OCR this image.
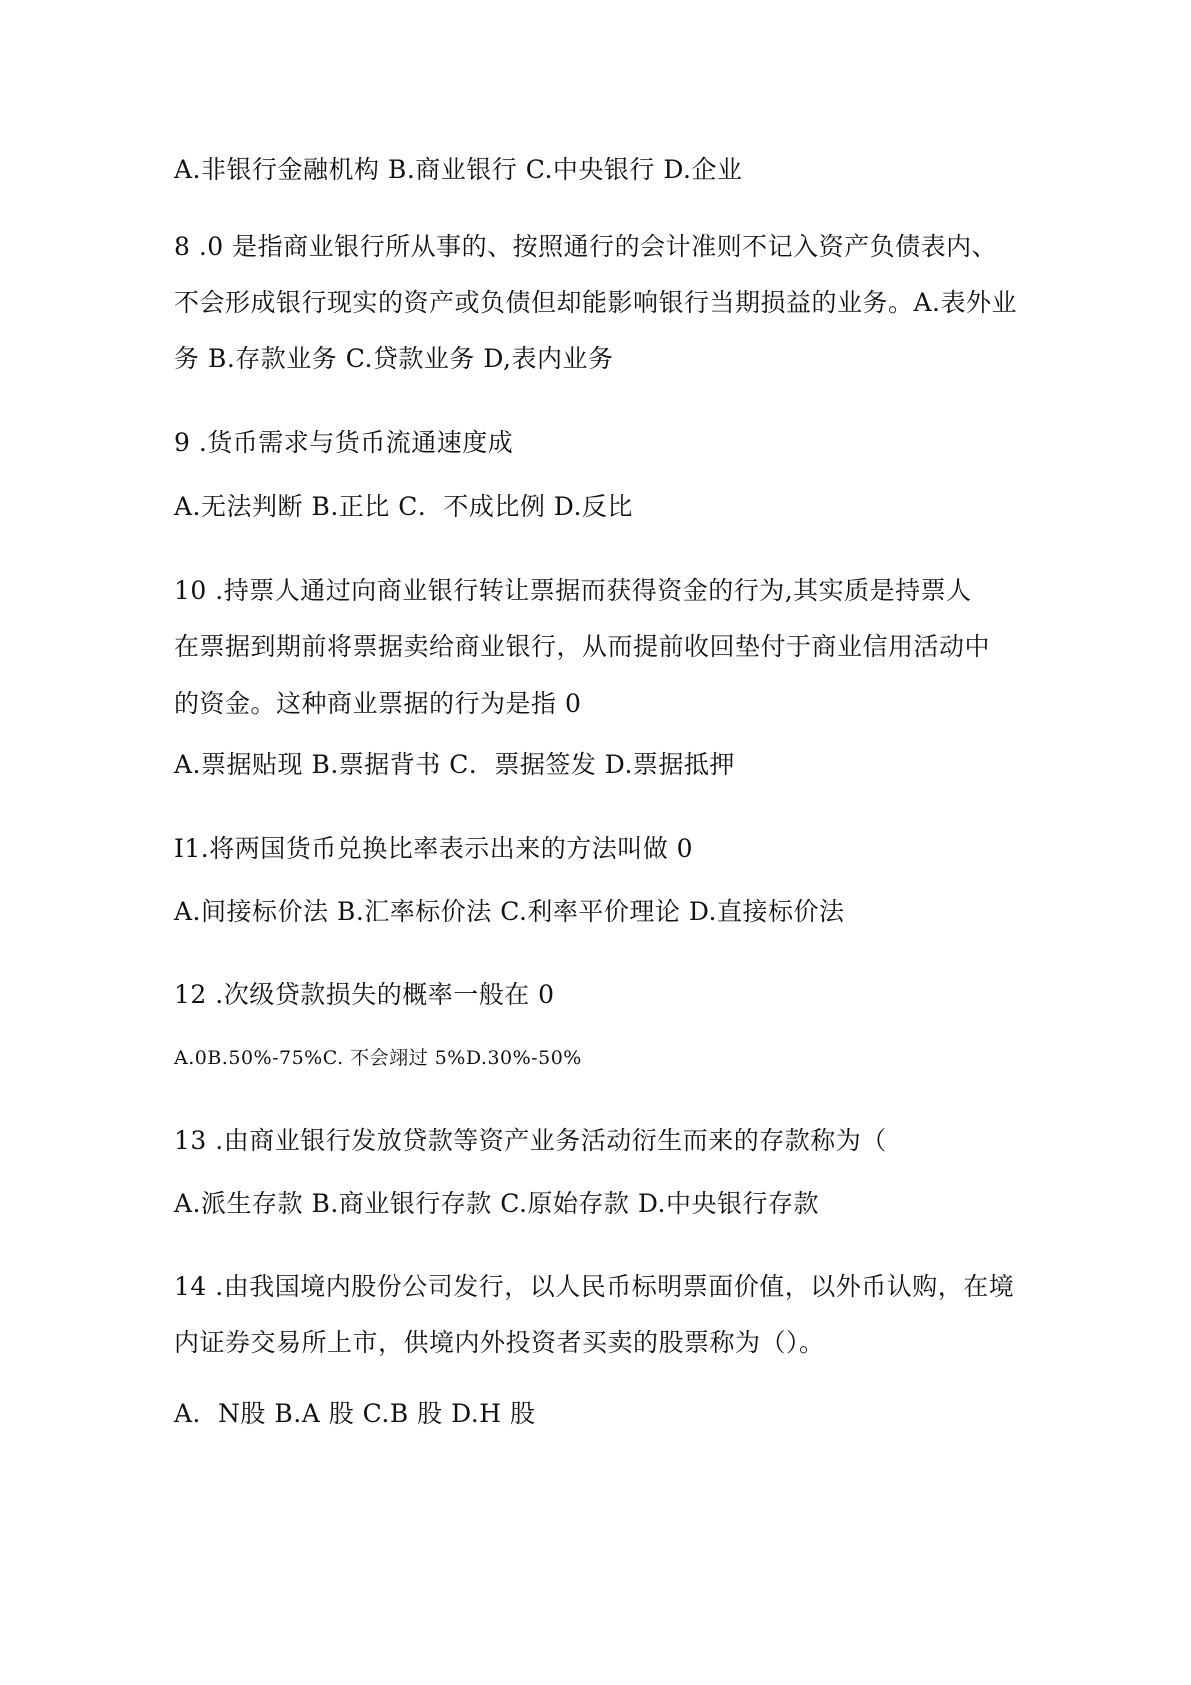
A.非银行金融机构 B.商业银行 C.中央银行 D.企业
8 .0 是指商业银行所从事的、按照通行的会计准则不记入资产负债表内、
不会形成银行现实的资产或负债但却能影响银行当期损益的业务。A.表外业
务 B.存款业务 C.贷款业务 D,表内业务
9 .货币需求与货币流通速度成
A.无法判断 B.正比 C．不成比例 D.反比
10 .持票人通过向商业银行转让票据而获得资金的行为,其实质是持票人
在票据到期前将票据卖给商业银行，从而提前收回垫付于商业信用活动中
的资金。这种商业票据的行为是指 0
A.票据贴现 B.票据背书 C．票据签发 D.票据抵押
I1.将两国货币兑换比率表示出来的方法叫做 0
A.间接标价法 B.汇率标价法 C.利率平价理论 D.直接标价法
12 .次级贷款损失的概率一般在 0
A.0B.50%-75%C. 不会翊过 5%D.30%-50%
13 .由商业银行发放贷款等资产业务活动衍生而来的存款称为（
A.派生存款 B.商业银行存款 C.原始存款 D.中央银行存款
14 .由我国境内股份公司发行，以人民币标明票面价值，以外币认购，在境
内证券交易所上市，供境内外投资者买卖的股票称为（）。
A．N股 B.A 股 C.B 股 D.H 股
